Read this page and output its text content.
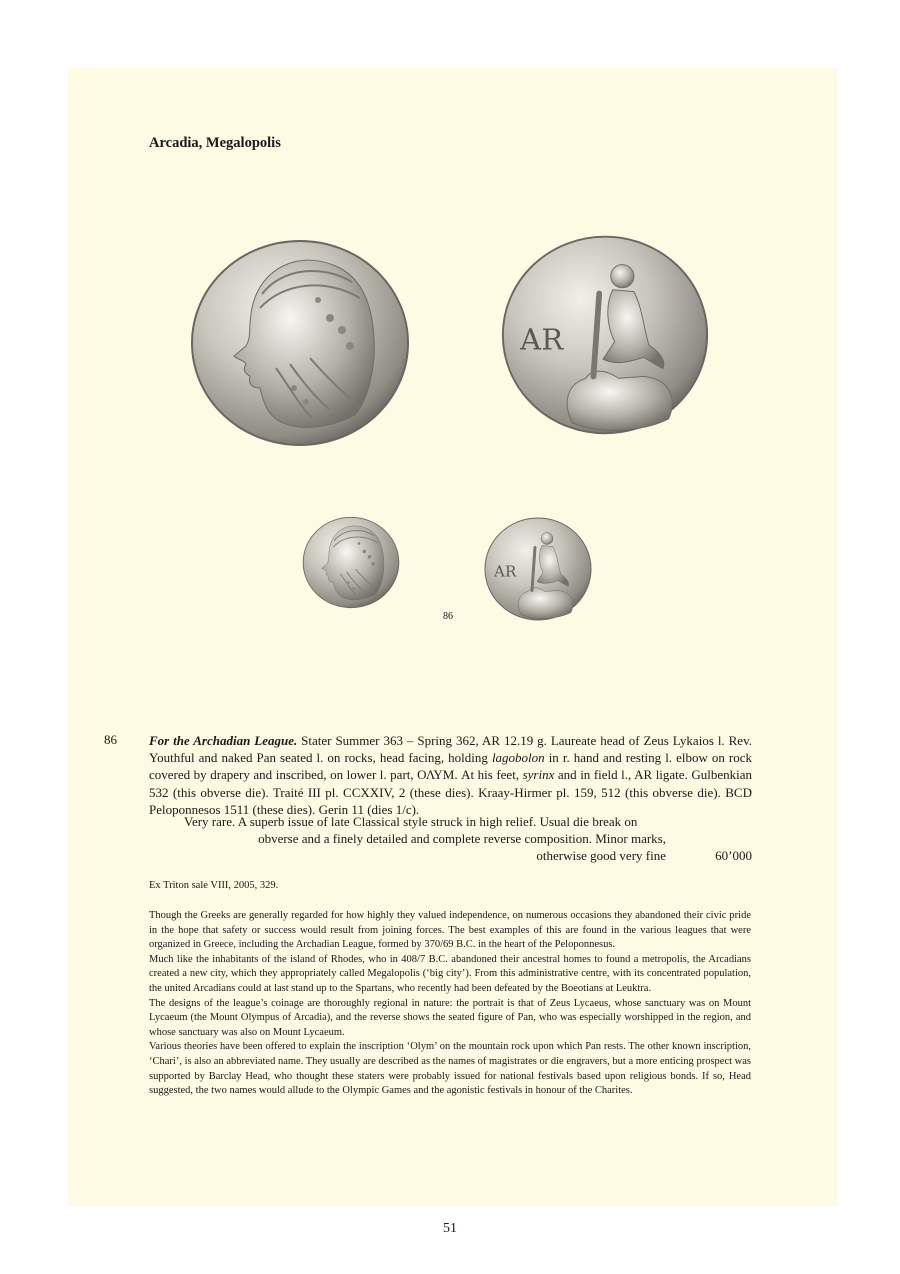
Arcadia, Megalopolis
86
86 For the Archadian League. Stater Summer 363 – Spring 362, AR 12.19 g. Laureate head of Zeus Lykaios l. Rev. Youthful and naked Pan seated l. on rocks, head facing, holding lagobolon in r. hand and resting l. elbow on rock covered by drapery and inscribed, on lower l. part, ΟΛΥΜ. At his feet, syrinx and in field l., AR ligate. Gulbenkian 532 (this obverse die). Traité III pl. CCXXIV, 2 (these dies). Kraay-Hirmer pl. 159, 512 (this obverse die). BCD Peloponnesos 1511 (these dies). Gerin 11 (dies 1/c).
Very rare. A superb issue of late Classical style struck in high relief. Usual die break on
obverse and a finely detailed and complete reverse composition. Minor marks,
otherwise good very fine	60’000
Ex Triton sale VIII, 2005, 329.

Though the Greeks are generally regarded for how highly they valued independence, on numerous occasions they abandoned their civic pride in the hope that safety or success would result from joining forces. The best examples of this are found in the various leagues that were organized in Greece, including the Archadian League, formed by 370/69 B.C. in the heart of the Peloponnesus.

Much like the inhabitants of the island of Rhodes, who in 408/7 B.C. abandoned their ancestral homes to found a metropolis, the Arcadians created a new city, which they appropriately called Megalopolis (‘big city’). From this administrative centre, with its concentrated population, the united Arcadians could at last stand up to the Spartans, who recently had been defeated by the Boeotians at Leuktra.

The designs of the league’s coinage are thoroughly regional in nature: the portrait is that of Zeus Lycaeus, whose sanctuary was on Mount Lycaeum (the Mount Olympus of Arcadia), and the reverse shows the seated figure of Pan, who was especially worshipped in the region, and whose sanctuary was also on Mount Lycaeum.

Various theories have been offered to explain the inscription ‘Olym’ on the mountain rock upon which Pan rests. The other known inscription, ‘Chari’, is also an abbreviated name. They usually are described as the names of magistrates or die engravers, but a more enticing prospect was supported by Barclay Head, who thought these staters were probably issued for national festivals based upon religious bonds. If so, Head suggested, the two names would allude to the Olympic Games and the agonistic festivals in honour of the Charites.

51
